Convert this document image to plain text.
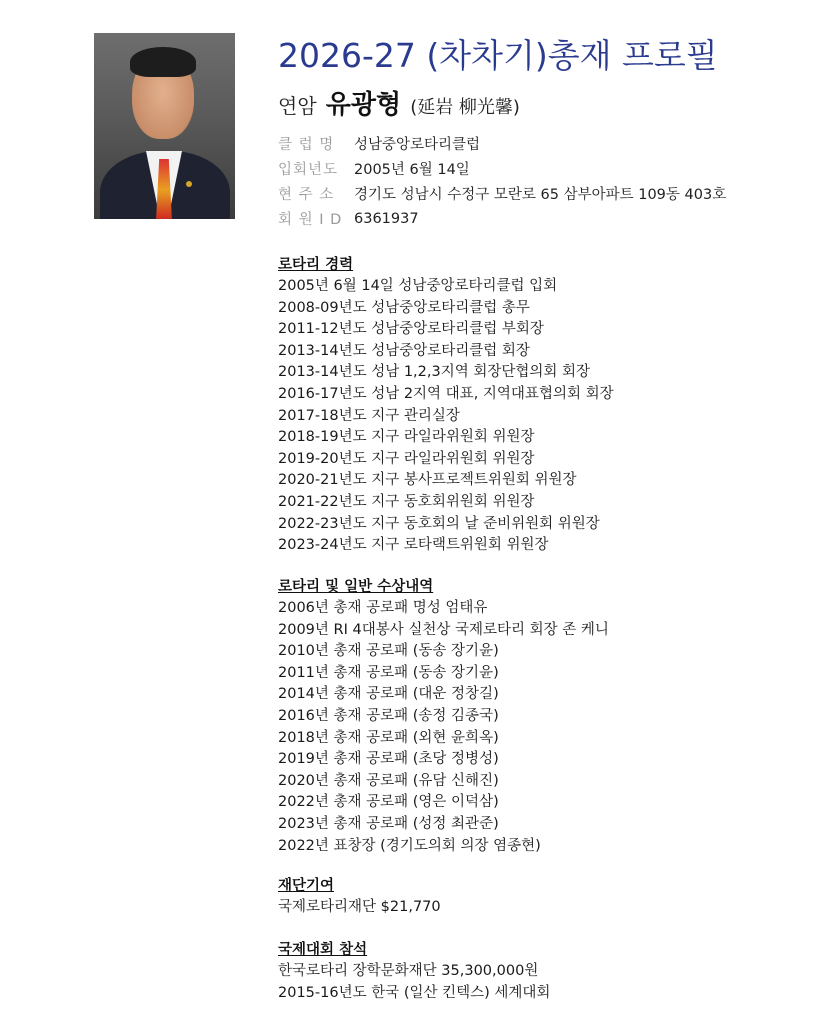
2026-27 (차차기)총재 프로필
연암 유광형 (延岩 柳光馨)
클 럽 명	성남중앙로타리클럽
입회년도	2005년 6월 14일
현 주 소	경기도 성남시 수정구 모란로 65 삼부아파트 109동 403호
회 원 I D 6361937
로타리 경력
2005년 6월 14일 성남중앙로타리클럽 입회
2008-09년도 성남중앙로타리클럽 총무
2011-12년도 성남중앙로타리클럽 부회장
2013-14년도 성남중앙로타리클럽 회장
2013-14년도 성남 1,2,3지역 회장단협의회 회장
2016-17년도 성남 2지역 대표, 지역대표협의회 회장
2017-18년도 지구 관리실장
2018-19년도 지구 라일라위원회 위원장
2019-20년도 지구 라일라위원회 위원장
2020-21년도 지구 봉사프로젝트위원회 위원장
2021-22년도 지구 동호회위원회 위원장
2022-23년도 지구 동호회의 날 준비위원회 위원장
2023-24년도 지구 로타랙트위원회 위원장
로타리 및 일반 수상내역
2006년 총재 공로패 명성 엄태유
2009년 RI 4대봉사 실천상 국제로타리 회장 존 케니
2010년 총재 공로패 (동송 장기윤)
2011년 총재 공로패 (동송 장기윤)
2014년 총재 공로패 (대운 정창길)
2016년 총재 공로패 (송정 김종국)
2018년 총재 공로패 (외현 윤희옥)
2019년 총재 공로패 (초당 정병성)
2020년 총재 공로패 (유담 신해진)
2022년 총재 공로패 (영은 이덕삼)
2023년 총재 공로패 (성정 최관준)
2022년 표창장 (경기도의회 의장 염종현)
재단기여
국제로타리재단 $21,770
국제대회 참석
한국로타리 장학문화재단 35,300,000원
2015-16년도 한국 (일산 킨텍스) 세계대회
